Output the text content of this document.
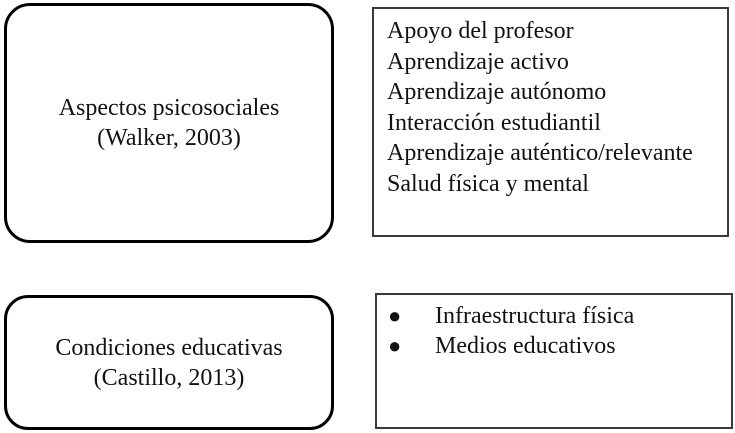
Aspectos psicosociales
(Walker, 2003)
Apoyo del profesor
Aprendizaje activo
Aprendizaje autónomo
Interacción estudiantil
Aprendizaje auténtico/relevante
Salud física y mental
Condiciones educativas
(Castillo, 2013)
● Infraestructura física
● Medios educativos
